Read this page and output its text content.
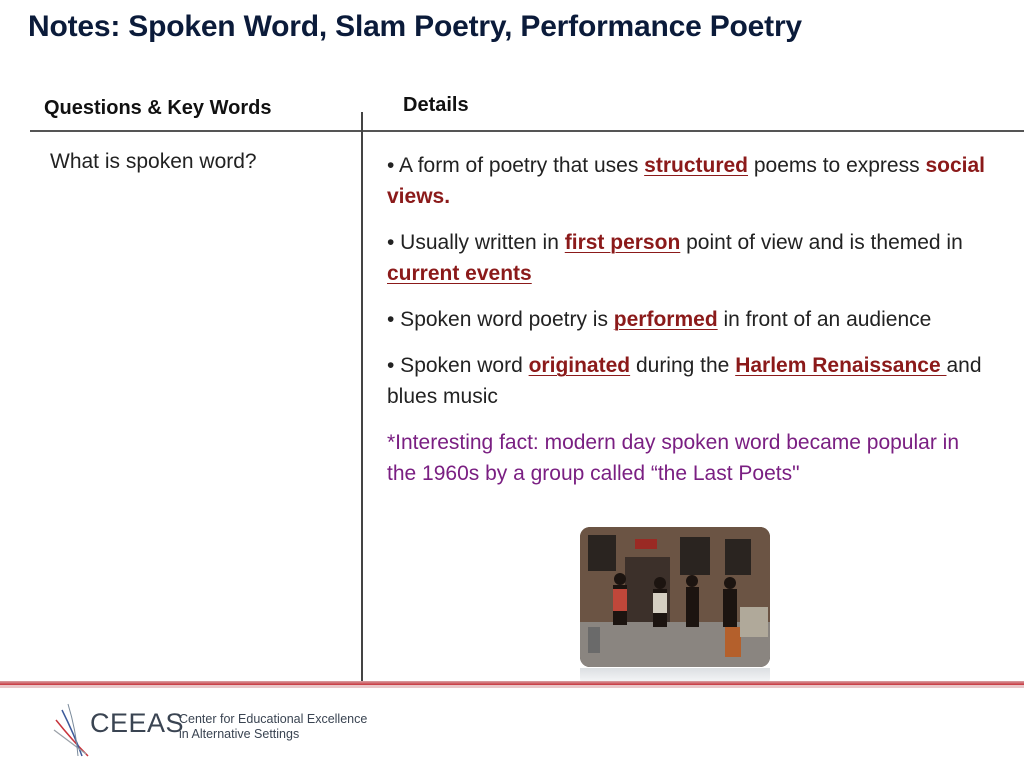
Notes: Spoken Word, Slam Poetry, Performance Poetry
Questions & Key Words	Details
What is spoken word?	• A form of poetry that uses structured poems to express social views.

• Usually written in first person point of view and is themed in current events

• Spoken word poetry is performed in front of an audience

• Spoken word originated during the Harlem Renaissance and blues music

*Interesting fact: modern day spoken word became popular in the 1960s by a group called “the Last Poets"

CEEAS
Center for Educational Excellence
in Alternative Settings
